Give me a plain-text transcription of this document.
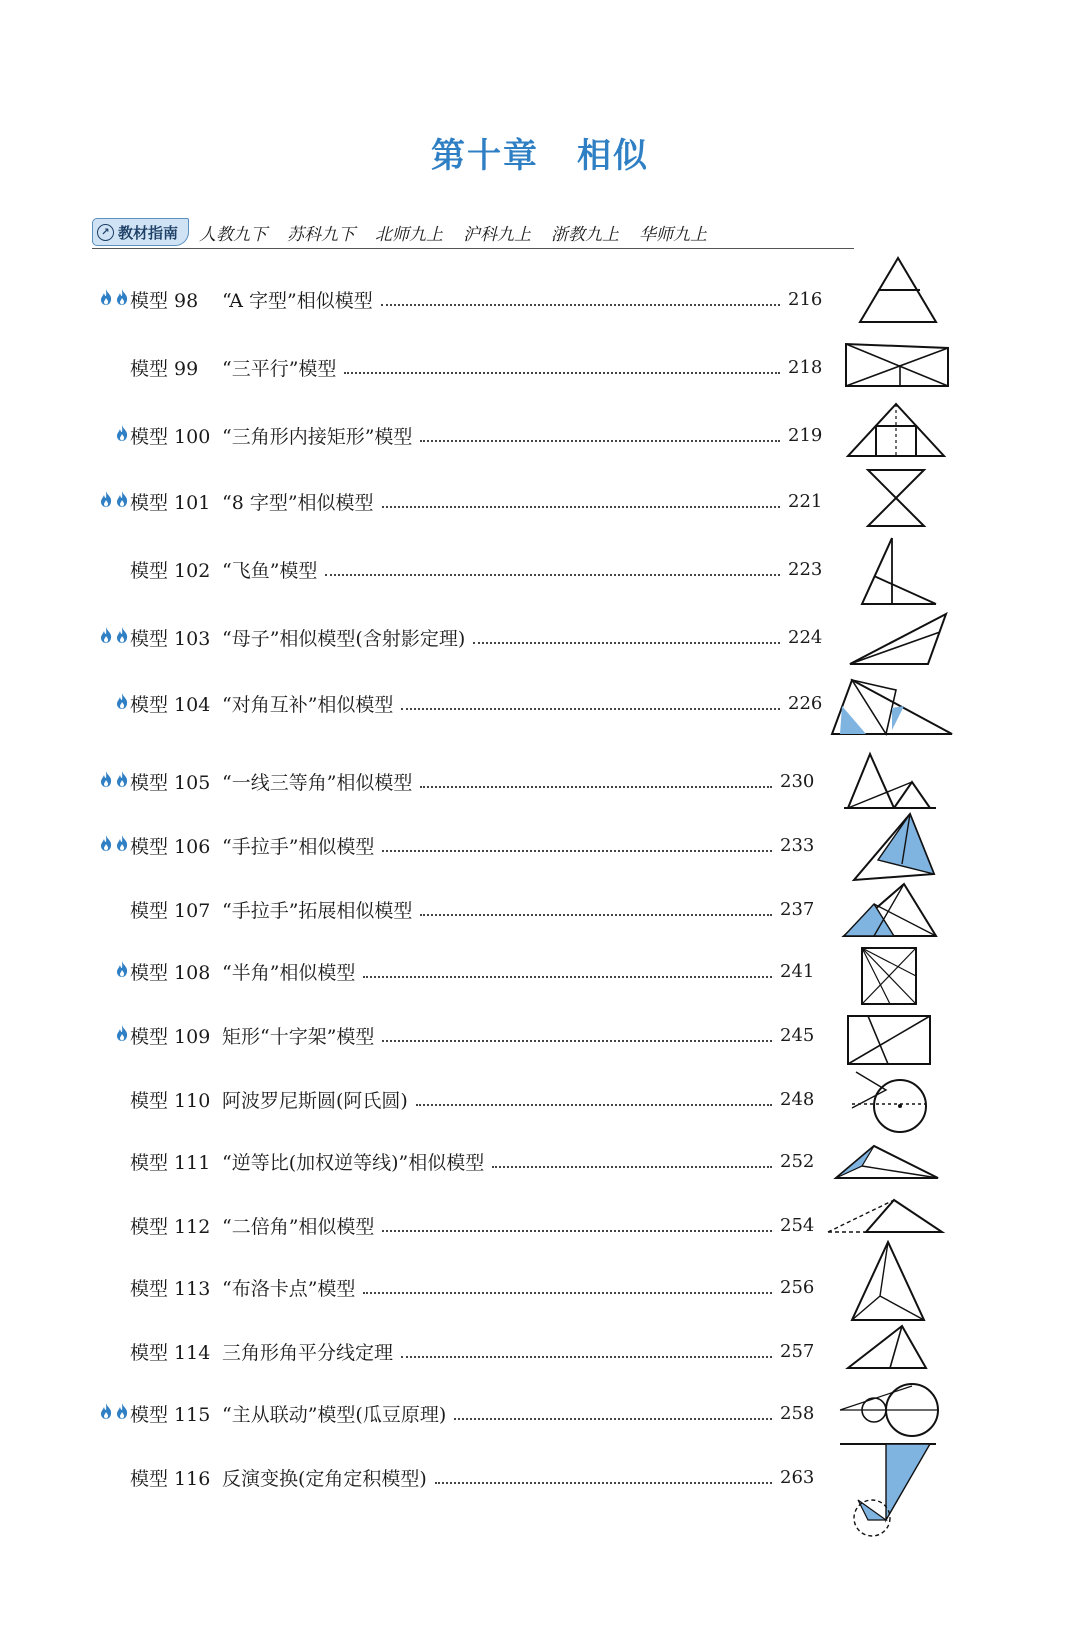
第十章 相似
↗ 教材指南 人教九下 苏科九下 北师九上 沪科九上 浙教九上 华师九上
模型 98	“A 字型”相似模型	216
模型 99	“三平行”模型	218
模型 100 “三角形内接矩形”模型	219
模型 101 “8 字型”相似模型	221
模型 102 “飞鱼”模型	223
模型 103 “母子”相似模型(含射影定理)	224
模型 104 “对角互补”相似模型	226
模型 105 “一线三等角”相似模型	230
模型 106 “手拉手”相似模型	233
模型 107 “手拉手”拓展相似模型	237
模型 108 “半角”相似模型	241
模型 109 矩形“十字架”模型	245
模型 110 阿波罗尼斯圆(阿氏圆)	248
模型 111 “逆等比(加权逆等线)”相似模型	252
模型 112 “二倍角”相似模型	254
模型 113 “布洛卡点”模型	256
模型 114 三角形角平分线定理	257
模型 115 “主从联动”模型(瓜豆原理)	258
模型 116 反演变换(定角定积模型)	263
